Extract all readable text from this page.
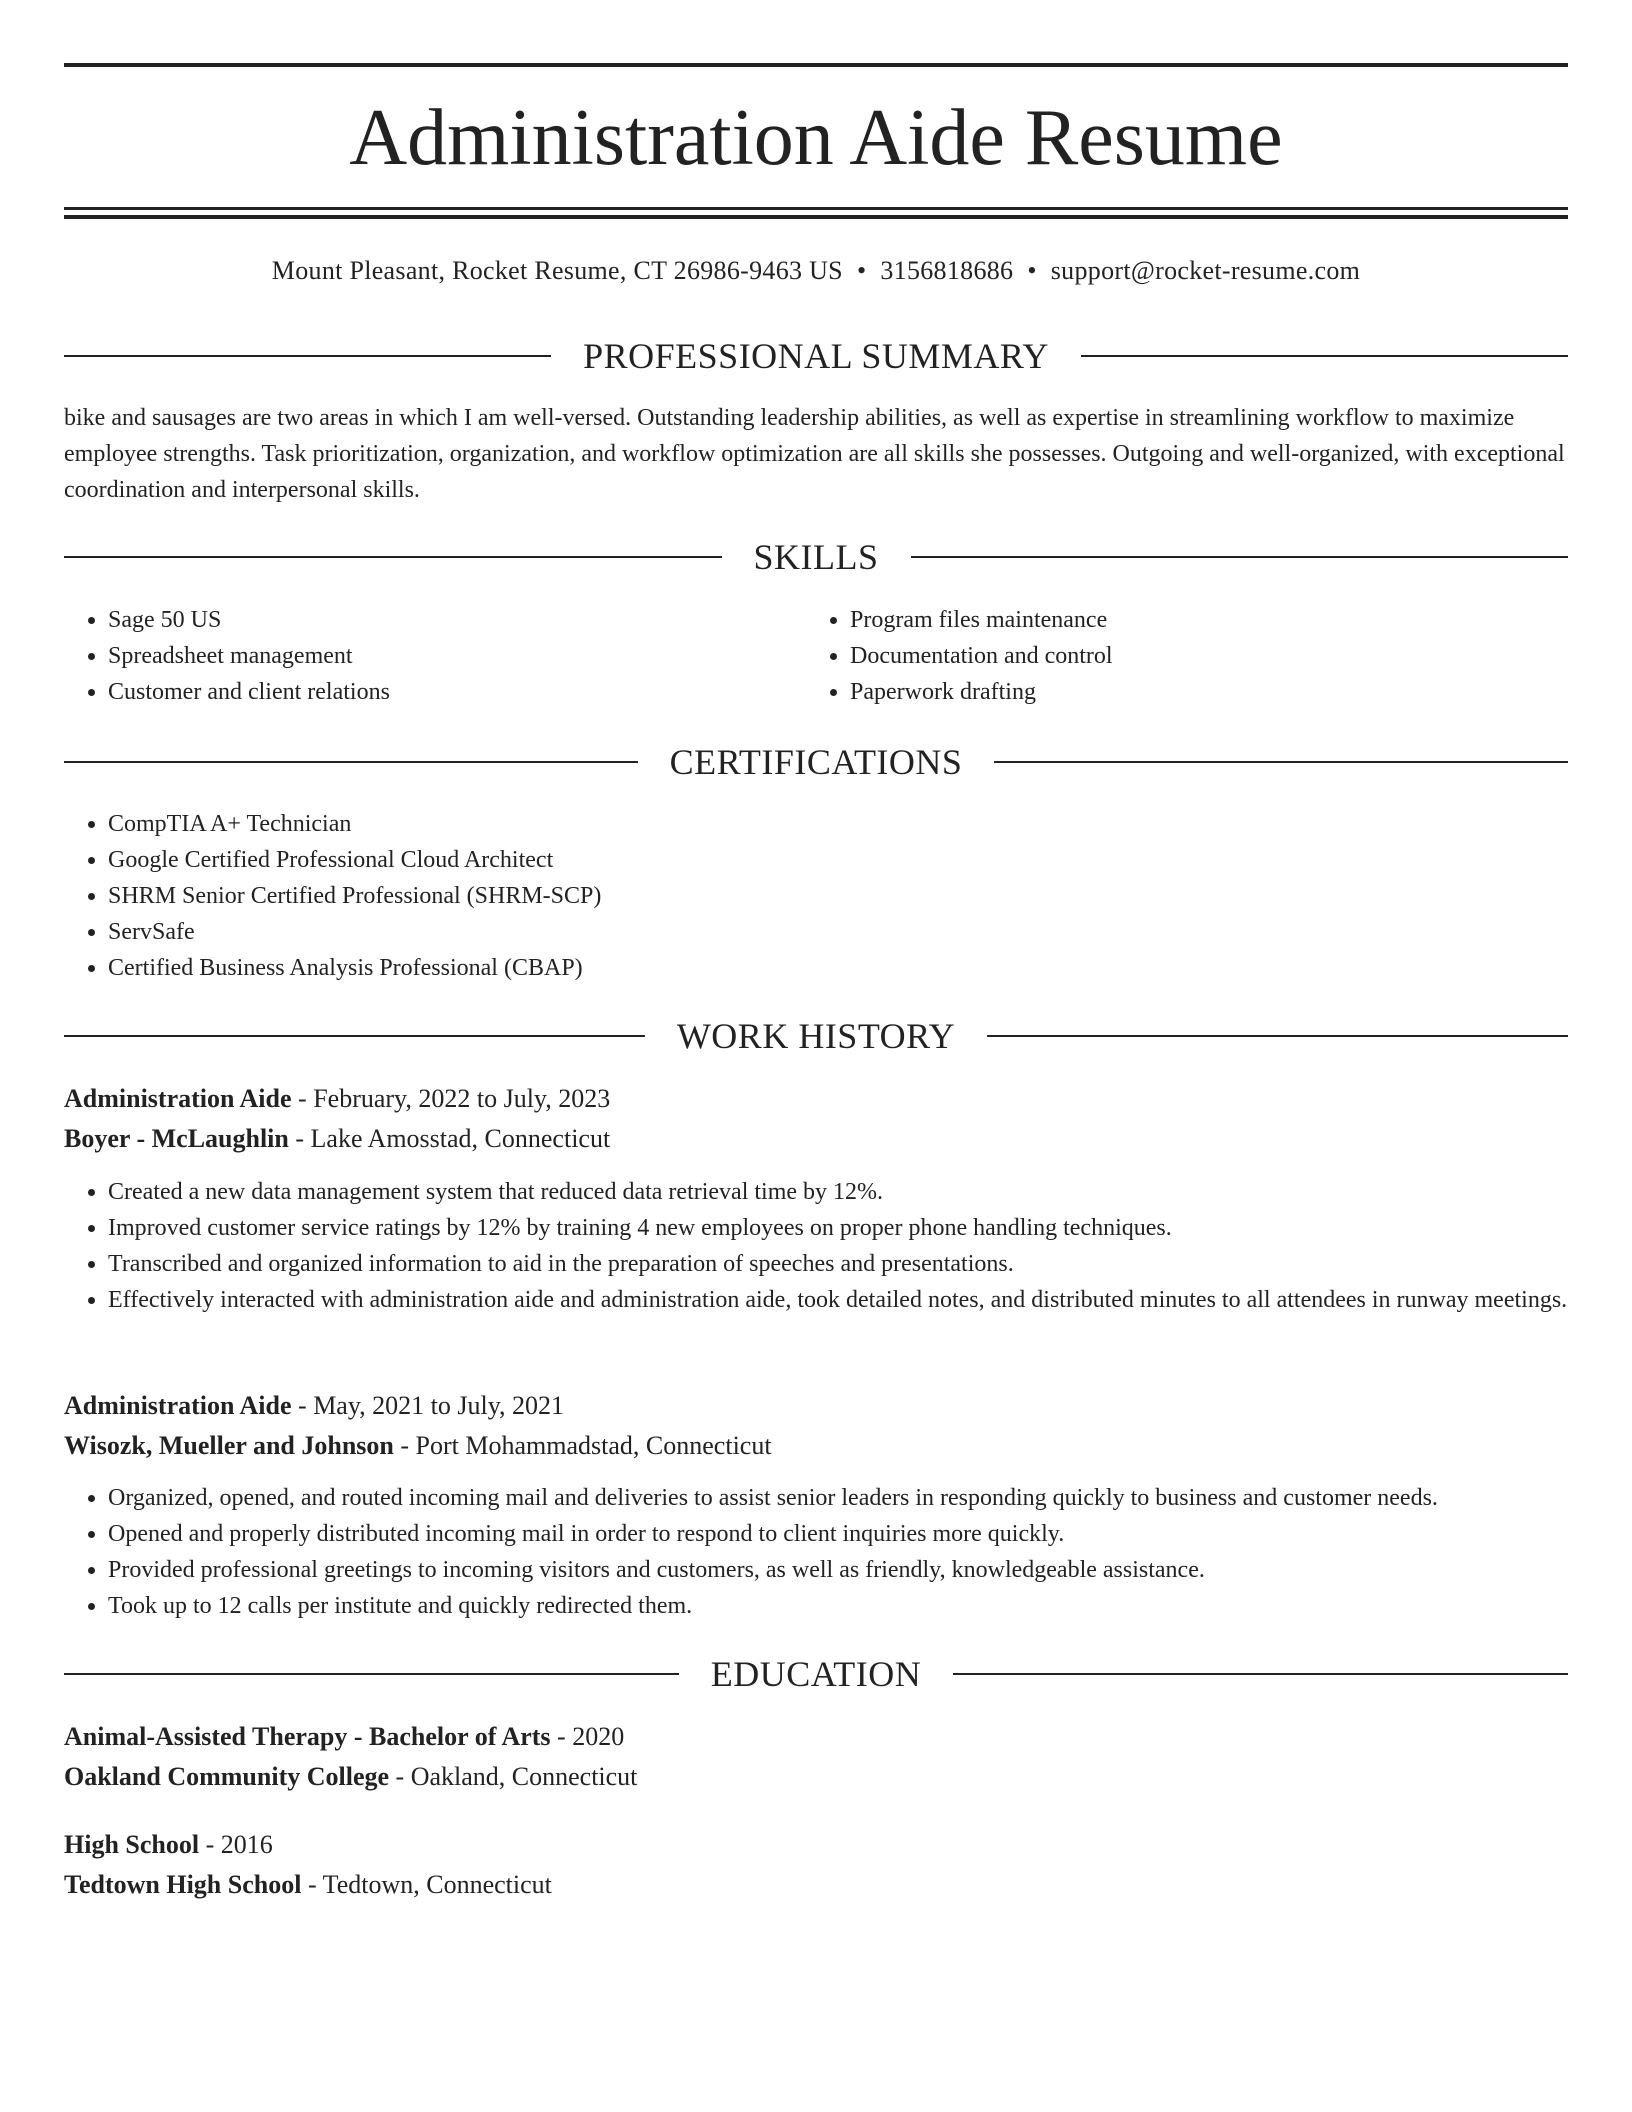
Administration Aide Resume
Mount Pleasant, Rocket Resume, CT 26986-9463 US • 3156818686 • support@rocket-resume.com
PROFESSIONAL SUMMARY

bike and sausages are two areas in which I am well-versed. Outstanding leadership abilities, as well as expertise in streamlining workflow to maximize employee strengths. Task prioritization, organization, and workflow optimization are all skills she possesses. Outgoing and well-organized, with exceptional coordination and interpersonal skills.

SKILLS
• Sage 50 US
• Spreadsheet management
• Customer and client relations
• Program files maintenance
• Documentation and control
• Paperwork drafting
CERTIFICATIONS
• CompTIA A+ Technician
• Google Certified Professional Cloud Architect
• SHRM Senior Certified Professional (SHRM-SCP)
• ServSafe
• Certified Business Analysis Professional (CBAP)
WORK HISTORY
Administration Aide - February, 2022 to July, 2023
Boyer - McLaughlin - Lake Amosstad, Connecticut
• Created a new data management system that reduced data retrieval time by 12%.
• Improved customer service ratings by 12% by training 4 new employees on proper phone handling techniques.
• Transcribed and organized information to aid in the preparation of speeches and presentations.
• Effectively interacted with administration aide and administration aide, took detailed notes, and distributed minutes to all attendees in runway meetings.
Administration Aide - May, 2021 to July, 2021
Wisozk, Mueller and Johnson - Port Mohammadstad, Connecticut
• Organized, opened, and routed incoming mail and deliveries to assist senior leaders in responding quickly to business and customer needs.
• Opened and properly distributed incoming mail in order to respond to client inquiries more quickly.
• Provided professional greetings to incoming visitors and customers, as well as friendly, knowledgeable assistance.
• Took up to 12 calls per institute and quickly redirected them.
EDUCATION
Animal-Assisted Therapy - Bachelor of Arts - 2020
Oakland Community College - Oakland, Connecticut
High School - 2016
Tedtown High School - Tedtown, Connecticut
